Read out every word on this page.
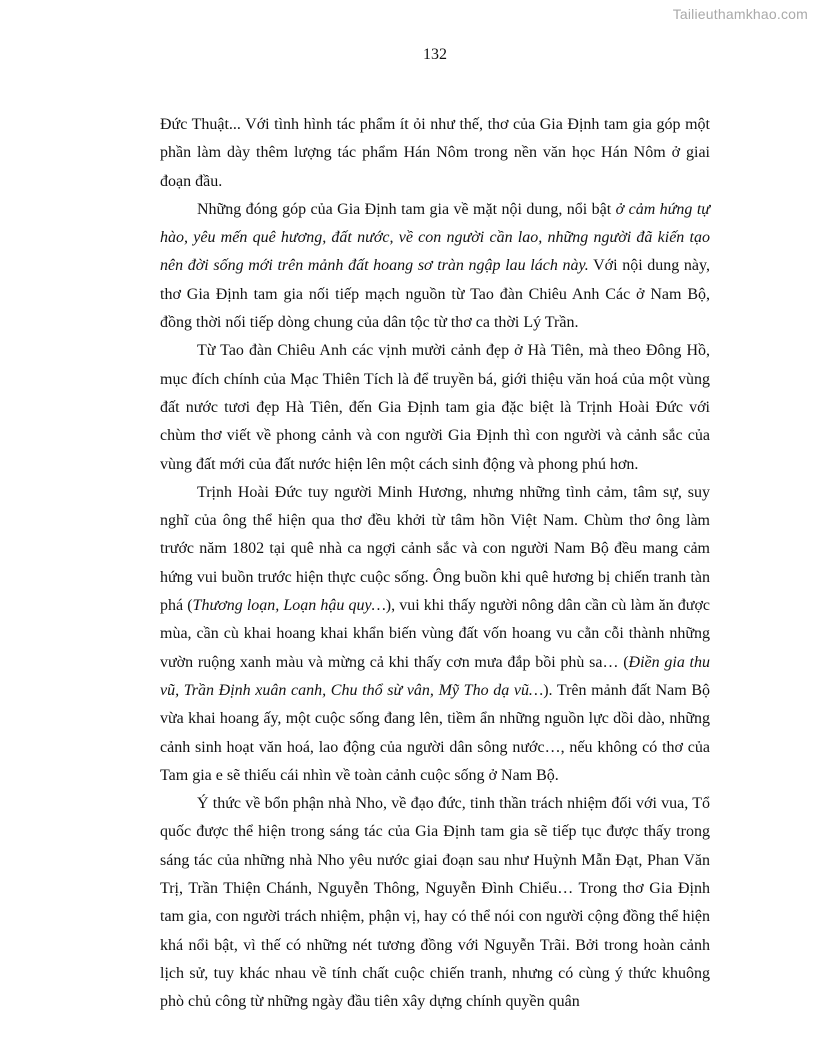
Tailieuthamkhao.com
132

Đức Thuật... Với tình hình tác phẩm ít ỏi như thế, thơ của Gia Định tam gia góp một phần làm dày thêm lượng tác phẩm Hán Nôm trong nền văn học Hán Nôm ở giai đoạn đầu.

Những đóng góp của Gia Định tam gia về mặt nội dung, nổi bật ở cảm hứng tự hào, yêu mến quê hương, đất nước, về con người cần lao, những người đã kiến tạo nên đời sống mới trên mảnh đất hoang sơ tràn ngập lau lách này. Với nội dung này, thơ Gia Định tam gia nối tiếp mạch nguồn từ Tao đàn Chiêu Anh Các ở Nam Bộ, đồng thời nối tiếp dòng chung của dân tộc từ thơ ca thời Lý Trần.

Từ Tao đàn Chiêu Anh các vịnh mười cảnh đẹp ở Hà Tiên, mà theo Đông Hồ, mục đích chính của Mạc Thiên Tích là để truyền bá, giới thiệu văn hoá của một vùng đất nước tươi đẹp Hà Tiên, đến Gia Định tam gia đặc biệt là Trịnh Hoài Đức với chùm thơ viết về phong cảnh và con người Gia Định thì con người và cảnh sắc của vùng đất mới của đất nước hiện lên một cách sinh động và phong phú hơn.

Trịnh Hoài Đức tuy người Minh Hương, nhưng những tình cảm, tâm sự, suy nghĩ của ông thể hiện qua thơ đều khởi từ tâm hồn Việt Nam. Chùm thơ ông làm trước năm 1802 tại quê nhà ca ngợi cảnh sắc và con người Nam Bộ đều mang cảm hứng vui buồn trước hiện thực cuộc sống. Ông buồn khi quê hương bị chiến tranh tàn phá (Thương loạn, Loạn hậu quy…), vui khi thấy người nông dân cần cù làm ăn được mùa, cần cù khai hoang khai khẩn biến vùng đất vốn hoang vu cằn cỗi thành những vườn ruộng xanh màu và mừng cả khi thấy cơn mưa đắp bồi phù sa… (Điền gia thu vũ, Trần Định xuân canh, Chu thổ sừ vân, Mỹ Tho dạ vũ…). Trên mảnh đất Nam Bộ vừa khai hoang ấy, một cuộc sống đang lên, tiềm ẩn những nguồn lực dồi dào, những cảnh sinh hoạt văn hoá, lao động của người dân sông nước…, nếu không có thơ của Tam gia e sẽ thiếu cái nhìn về toàn cảnh cuộc sống ở Nam Bộ.

Ý thức về bổn phận nhà Nho, về đạo đức, tinh thần trách nhiệm đối với vua, Tổ quốc được thể hiện trong sáng tác của Gia Định tam gia sẽ tiếp tục được thấy trong sáng tác của những nhà Nho yêu nước giai đoạn sau như Huỳnh Mẫn Đạt, Phan Văn Trị, Trần Thiện Chánh, Nguyễn Thông, Nguyễn Đình Chiểu… Trong thơ Gia Định tam gia, con người trách nhiệm, phận vị, hay có thể nói con người cộng đồng thể hiện khá nổi bật, vì thế có những nét tương đồng với Nguyễn Trãi. Bởi trong hoàn cảnh lịch sử, tuy khác nhau về tính chất cuộc chiến tranh, nhưng có cùng ý thức khuông phò chủ công từ những ngày đầu tiên xây dựng chính quyền quân
